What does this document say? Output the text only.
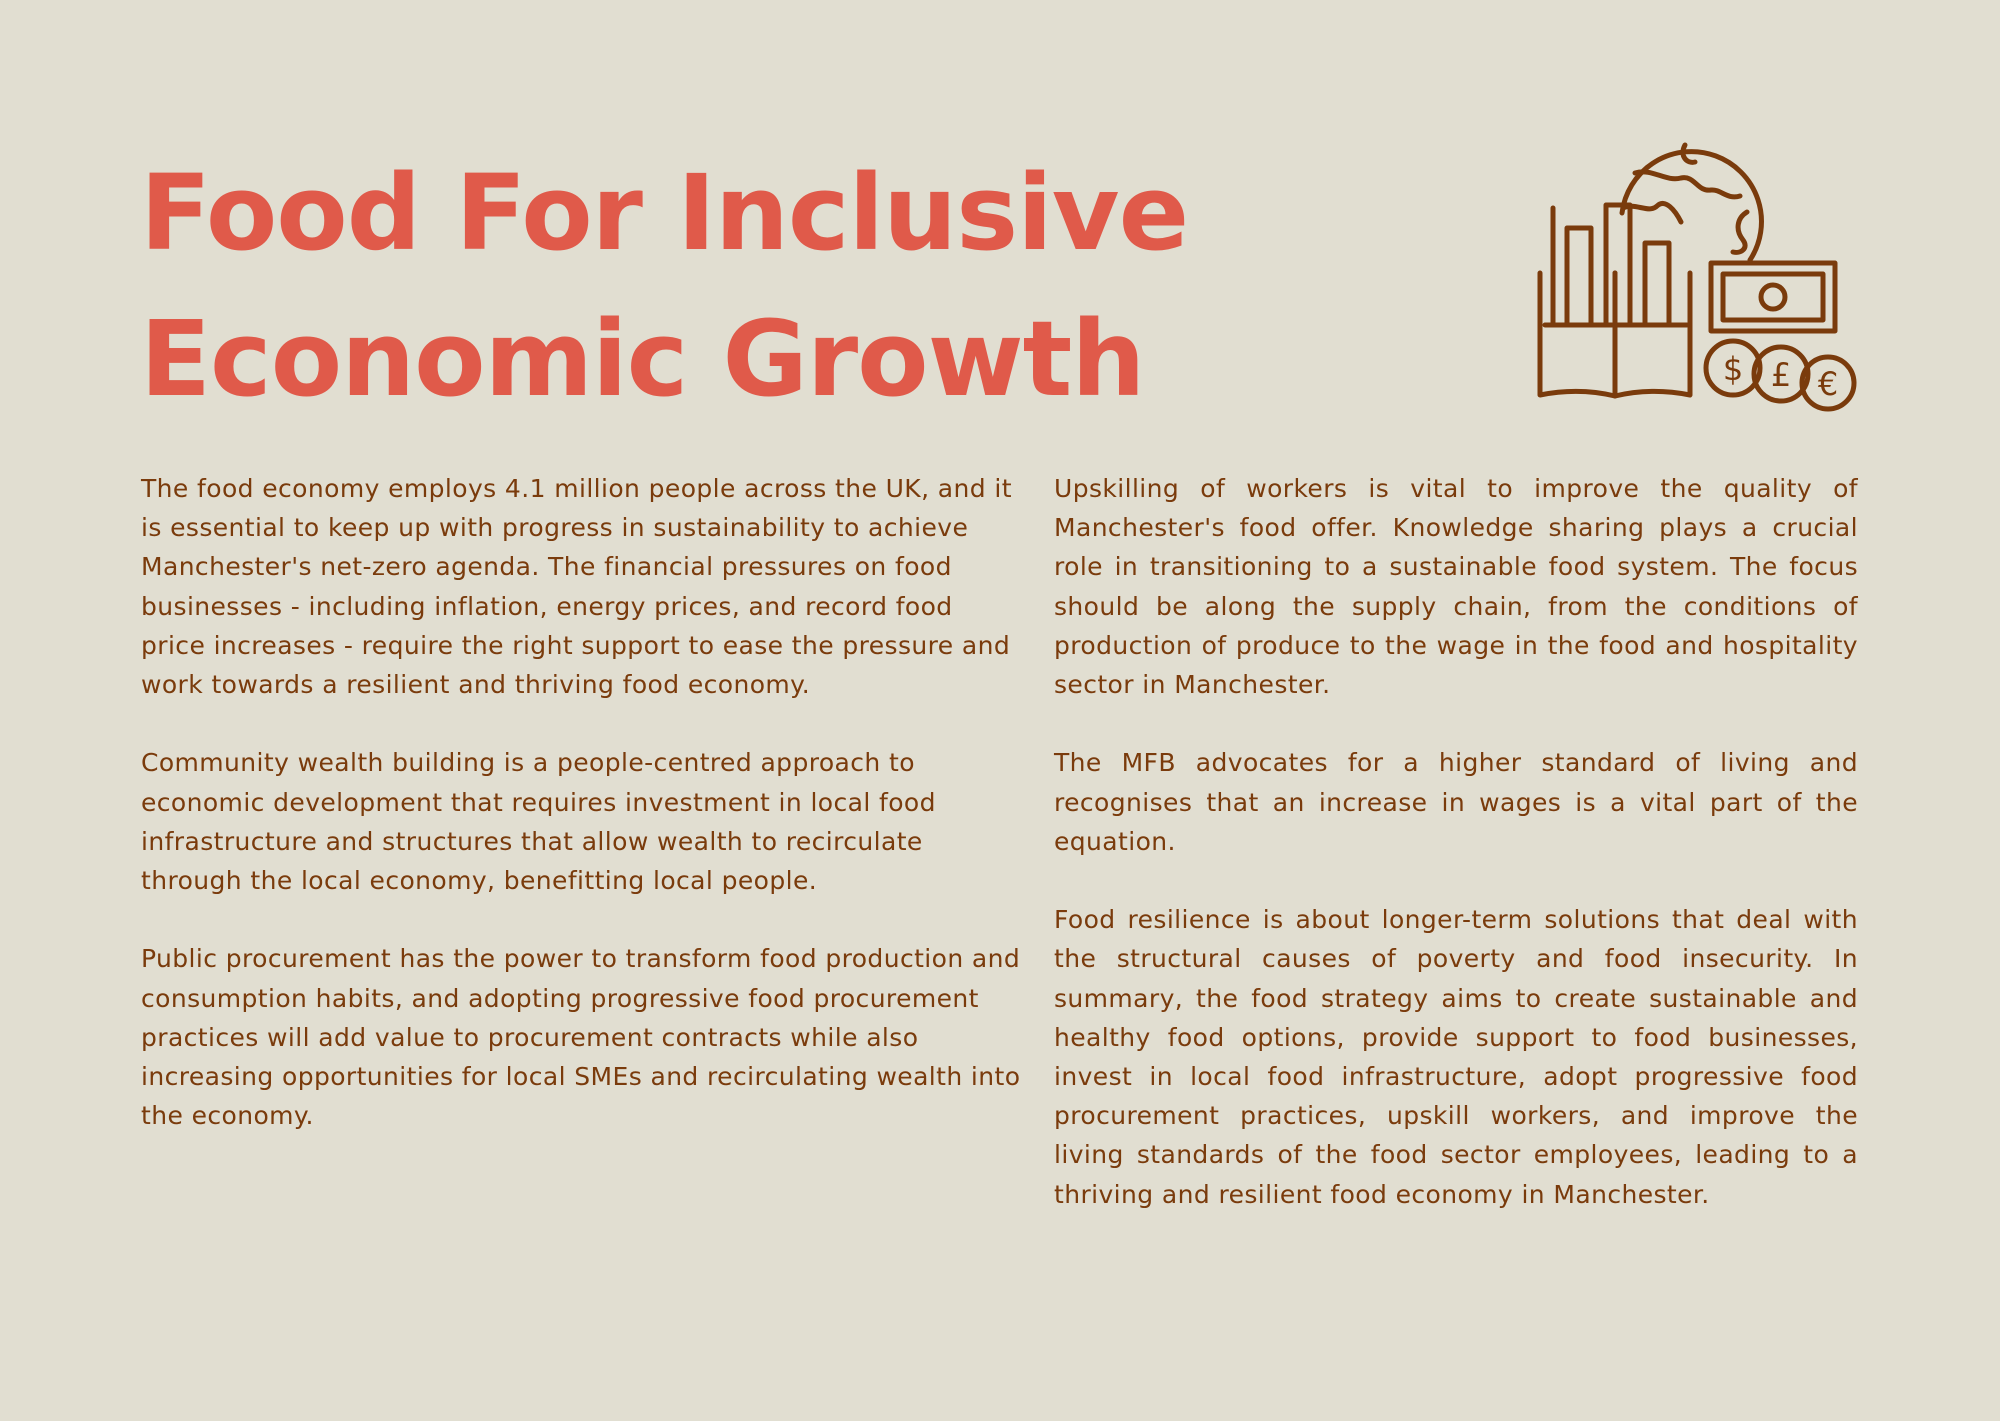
Food For Inclusive
Economic Growth	$ £ €

The food economy employs 4.1 million people across the UK, and it is essential to keep up with progress in sustainability to achieve Manchester's net-zero agenda. The financial pressures on food businesses - including inflation, energy prices, and record food price increases - require the right support to ease the pressure and work towards a resilient and thriving food economy.

Community wealth building is a people-centred approach to economic development that requires investment in local food infrastructure and structures that allow wealth to recirculate through the local economy, benefitting local people.

Public procurement has the power to transform food production and consumption habits, and adopting progressive food procurement practices will add value to procurement contracts while also increasing opportunities for local SMEs and recirculating wealth into the economy.

Upskilling of workers is vital to improve the quality of Manchester's food offer. Knowledge sharing plays a crucial role in transitioning to a sustainable food system. The focus should be along the supply chain, from the conditions of production of produce to the wage in the food and hospitality sector in Manchester.

The MFB advocates for a higher standard of living and recognises that an increase in wages is a vital part of the equation.

Food resilience is about longer-term solutions that deal with the structural causes of poverty and food insecurity. In summary, the food strategy aims to create sustainable and healthy food options, provide support to food businesses, invest in local food infrastructure, adopt progressive food procurement practices, upskill workers, and improve the living standards of the food sector employees, leading to a thriving and resilient food economy in Manchester.
